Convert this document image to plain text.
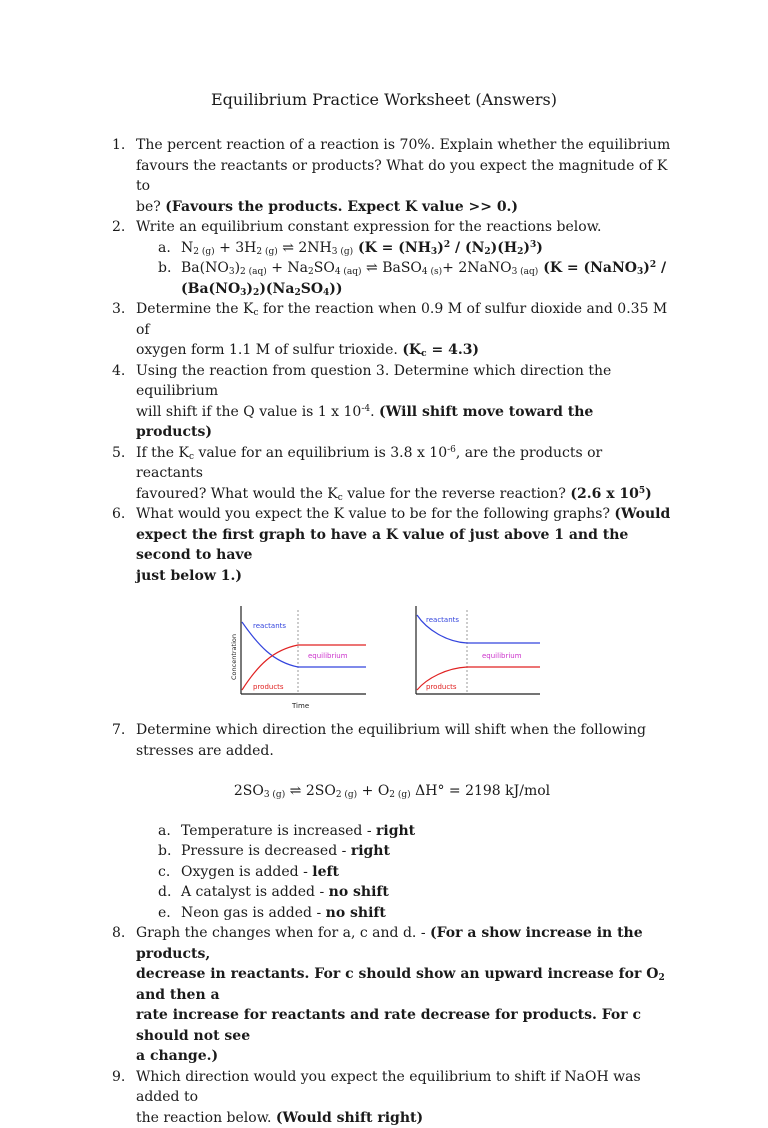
Equilibrium Practice Worksheet (Answers)
1. The percent reaction of a reaction is 70%. Explain whether the equilibrium
favours the reactants or products? What do you expect the magnitude of K to
be? (Favours the products. Expect K value >> 0.)
2. Write an equilibrium constant expression for the reactions below.
a. $N_{2 (g)} + 3H_{2 (g)}$ ⇌ $2NH_{3 (g)}$ $(K = (NH_3)^2 / (N_2)(H_2)^3)$
b. $Ba(NO_3)_{2 (aq)} + Na_2SO_{4 (aq)}$ ⇌ BaSO$_{4 (s)}$+ 2NaNO$_{3 (aq)}$ (K = (NaNO$_3$)$^2$ /
$(Ba(NO_3)_2)(Na_2SO_4)$)
3. Determine the $K_c$ for the reaction when 0.9 M of sulfur dioxide and 0.35 M of
oxygen form 1.1 M of sulfur trioxide. $(K_c = 4.3)$
4. Using the reaction from question 3. Determine which direction the equilibrium
will shift if the Q value is 1 x $10^{-4}$. (Will shift move toward the products)
5. If the $K_c$ value for an equilibrium is 3.8 x $10^{-6}$, are the products or reactants
favoured? What would the $K_c$ value for the reverse reaction? (2.6 x $10^5$)
6. What would you expect the K value to be for the following graphs? (Would
expect the first graph to have a K value of just above 1 and the second to have
just below 1.)
reactants
equilibrium
products
Time
Concentration
reactants
equilibrium
products
7. Determine which direction the equilibrium will shift when the following
stresses are added.
$2SO_{3 (g)}$ ⇌ $2SO_{2 (g)} + O_{2 (g)}$ ΔH° = 2198 kJ/mol
a. Temperature is increased - right
b. Pressure is decreased - right
c. Oxygen is added - left
d. A catalyst is added - no shift
e. Neon gas is added - no shift
8. Graph the changes when for a, c and d. - (For a show increase in the products,
decrease in reactants. For c should show an upward increase for $O_2$ and then a
rate increase for reactants and rate decrease for products. For c should not see
a change.)
9. Which direction would you expect the equilibrium to shift if NaOH was added to
the reaction below. (Would shift right)
